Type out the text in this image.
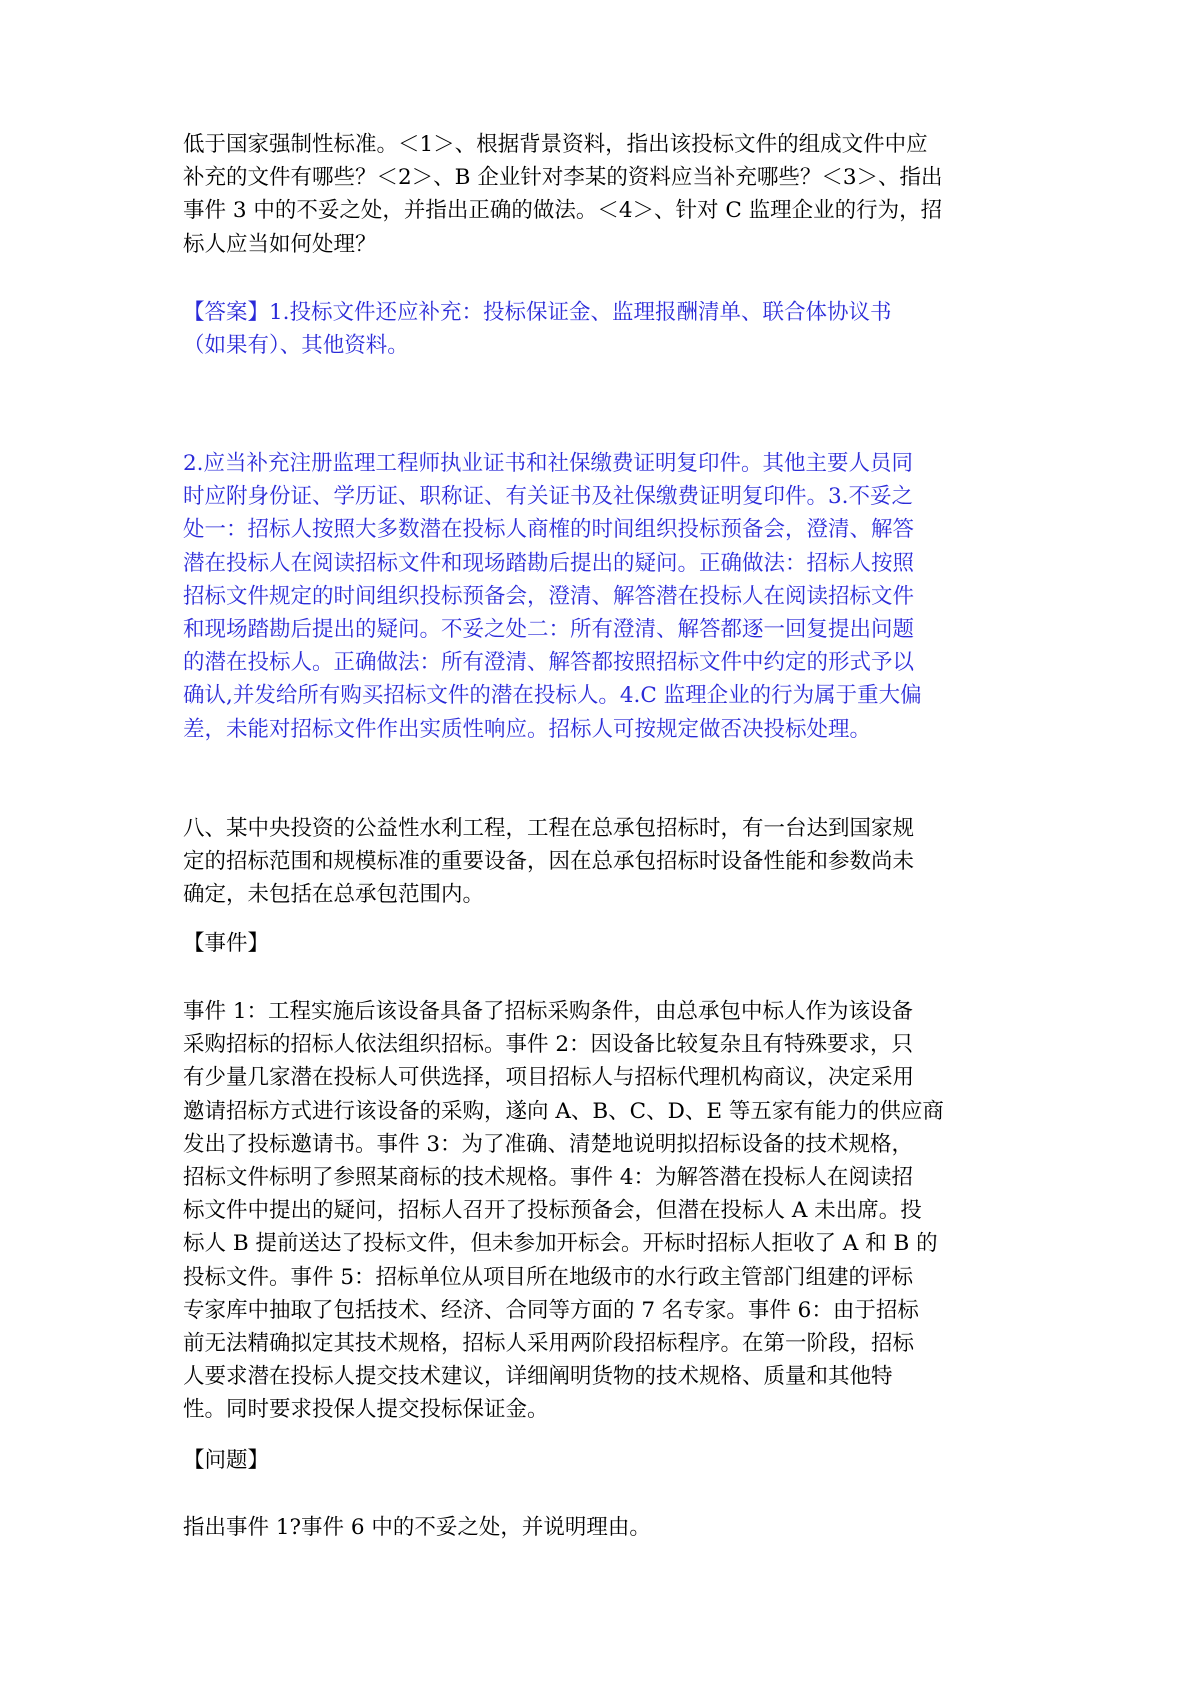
低于国家强制性标准。＜1＞、根据背景资料，指出该投标文件的组成文件中应
补充的文件有哪些？＜2＞、B 企业针对李某的资料应当补充哪些？＜3＞、指出
事件 3 中的不妥之处，并指出正确的做法。＜4＞、针对 C 监理企业的行为，招
标人应当如何处理？
【答案】1.投标文件还应补充：投标保证金、监理报酬清单、联合体协议书
（如果有）、其他资料。
2.应当补充注册监理工程师执业证书和社保缴费证明复印件。其他主要人员同
时应附身份证、学历证、职称证、有关证书及社保缴费证明复印件。3.不妥之
处一：招标人按照大多数潜在投标人商榷的时间组织投标预备会，澄清、解答
潜在投标人在阅读招标文件和现场踏勘后提出的疑问。正确做法：招标人按照
招标文件规定的时间组织投标预备会，澄清、解答潜在投标人在阅读招标文件
和现场踏勘后提出的疑问。不妥之处二：所有澄清、解答都逐一回复提出问题
的潜在投标人。正确做法：所有澄清、解答都按照招标文件中约定的形式予以
确认,并发给所有购买招标文件的潜在投标人。4.C 监理企业的行为属于重大偏
差，未能对招标文件作出实质性响应。招标人可按规定做否决投标处理。
八、某中央投资的公益性水利工程，工程在总承包招标时，有一台达到国家规
定的招标范围和规模标准的重要设备，因在总承包招标时设备性能和参数尚未
确定，未包括在总承包范围内。
【事件】
事件 1：工程实施后该设备具备了招标采购条件，由总承包中标人作为该设备
采购招标的招标人依法组织招标。事件 2：因设备比较复杂且有特殊要求，只
有少量几家潜在投标人可供选择，项目招标人与招标代理机构商议，决定采用
邀请招标方式进行该设备的采购，遂向 A、B、C、D、E 等五家有能力的供应商
发出了投标邀请书。事件 3：为了准确、清楚地说明拟招标设备的技术规格，
招标文件标明了参照某商标的技术规格。事件 4：为解答潜在投标人在阅读招
标文件中提出的疑问，招标人召开了投标预备会，但潜在投标人 A 未出席。投
标人 B 提前送达了投标文件，但未参加开标会。开标时招标人拒收了 A 和 B 的
投标文件。事件 5：招标单位从项目所在地级市的水行政主管部门组建的评标
专家库中抽取了包括技术、经济、合同等方面的 7 名专家。事件 6：由于招标
前无法精确拟定其技术规格，招标人采用两阶段招标程序。在第一阶段，招标
人要求潜在投标人提交技术建议，详细阐明货物的技术规格、质量和其他特
性。同时要求投保人提交投标保证金。
【问题】
指出事件 1?事件 6 中的不妥之处，并说明理由。
